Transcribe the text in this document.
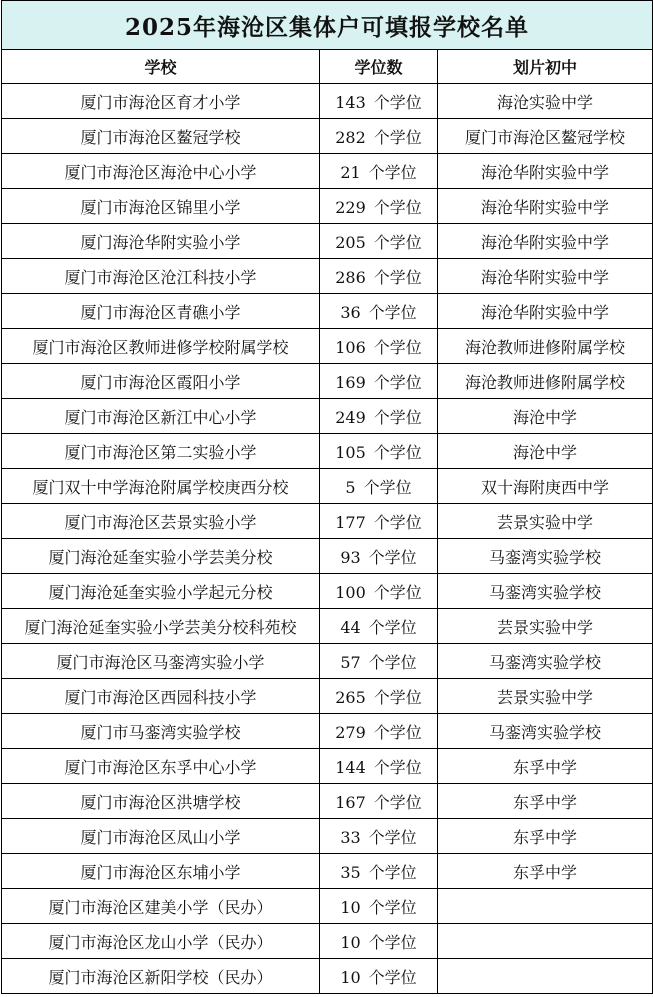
2025年海沧区集体户可填报学校名单		
学校	学位数	划片初中
厦门市海沧区育才小学	143 个学位	海沧实验中学
厦门市海沧区鳌冠学校	282 个学位	厦门市海沧区鳌冠学校
厦门市海沧区海沧中心小学	21 个学位	海沧华附实验中学
厦门市海沧区锦里小学	229 个学位	海沧华附实验中学
厦门海沧华附实验小学	205 个学位	海沧华附实验中学
厦门市海沧区沧江科技小学	286 个学位	海沧华附实验中学
厦门市海沧区青礁小学	36 个学位	海沧华附实验中学
厦门市海沧区教师进修学校附属学校	106 个学位	海沧教师进修附属学校
厦门市海沧区霞阳小学	169 个学位	海沧教师进修附属学校
厦门市海沧区新江中心小学	249 个学位	海沧中学
厦门市海沧区第二实验小学	105 个学位	海沧中学
厦门双十中学海沧附属学校庚西分校	5 个学位	双十海附庚西中学
厦门市海沧区芸景实验小学	177 个学位	芸景实验中学
厦门海沧延奎实验小学芸美分校	93 个学位	马銮湾实验学校
厦门海沧延奎实验小学起元分校	100 个学位	马銮湾实验学校
厦门海沧延奎实验小学芸美分校科苑校	44 个学位	芸景实验中学
厦门市海沧区马銮湾实验小学	57 个学位	马銮湾实验学校
厦门市海沧区西园科技小学	265 个学位	芸景实验中学
厦门市马銮湾实验学校	279 个学位	马銮湾实验学校
厦门市海沧区东孚中心小学	144 个学位	东孚中学
厦门市海沧区洪塘学校	167 个学位	东孚中学
厦门市海沧区凤山小学	33 个学位	东孚中学
厦门市海沧区东埔小学	35 个学位	东孚中学
厦门市海沧区建美小学（民办）	10 个学位	
厦门市海沧区龙山小学（民办）	10 个学位	
厦门市海沧区新阳学校（民办）	10 个学位	
